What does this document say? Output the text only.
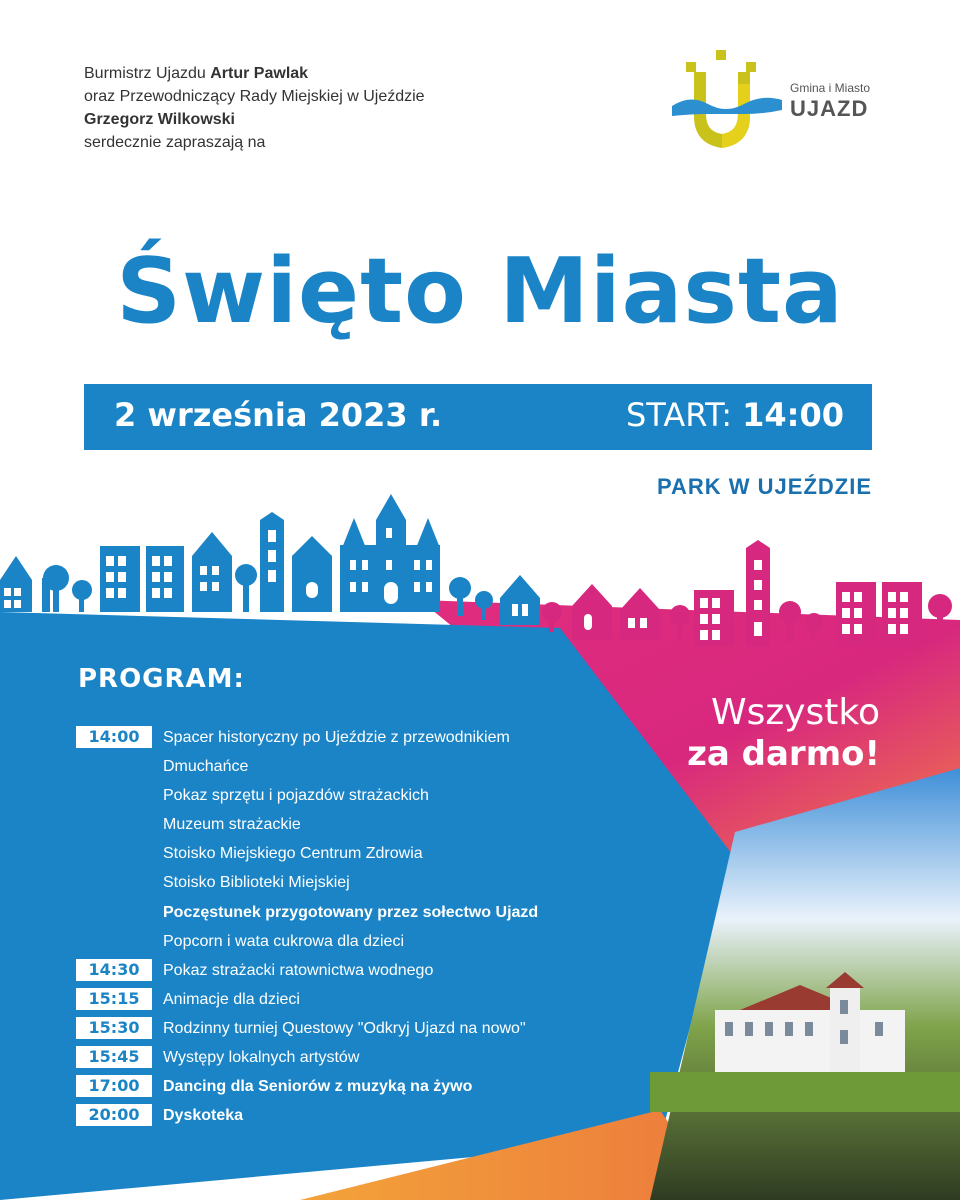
Burmistrz Ujazdu Artur Pawlak
oraz Przewodniczący Rady Miejskiej w Ujeździe
Grzegorz Wilkowski
serdecznie zapraszają na
Gmina i Miasto
UJAZD
Święto Miasta
2 września 2023 r.	START: 14:00
PARK W UJEŹDZIE
PROGRAM:
14:00	Spacer historyczny po Ujeździe z przewodnikiem
Dmuchańce
Pokaz sprzętu i pojazdów strażackich
Muzeum strażackie
Stoisko Miejskiego Centrum Zdrowia
Stoisko Biblioteki Miejskiej
Poczęstunek przygotowany przez sołectwo Ujazd
Popcorn i wata cukrowa dla dzieci
14:30	Pokaz strażacki ratownictwa wodnego
15:15	Animacje dla dzieci
15:30	Rodzinny turniej Questowy "Odkryj Ujazd na nowo"
15:45	Występy lokalnych artystów
17:00	Dancing dla Seniorów z muzyką na żywo
20:00	Dyskoteka
Wszystko
za darmo!
